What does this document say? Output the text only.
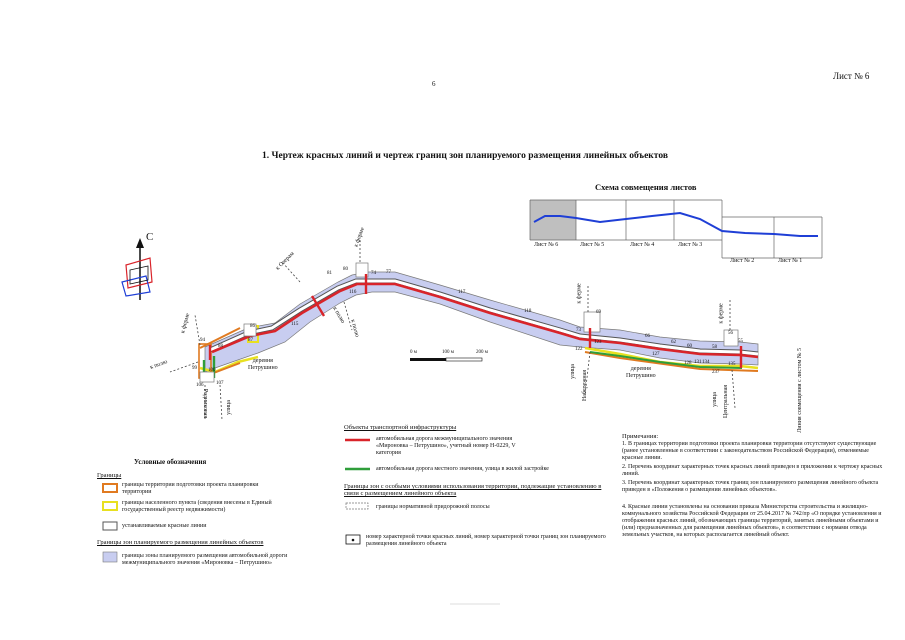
6
Лист № 6
1. Чертеж красных линий и чертеж границ зон планируемого размещения линейных объектов
Схема совмещения листов
Лист № 6	Лист № 5	Лист № 4	Лист № 3
Лист № 2	Лист № 1
С
0 м	100 м	200 м
к Озерам
к ферме
к ферме
к полю
к полю
к полю
к ферме
к ферме
деревня
Петрушино	деревня
Петрушино
Родниковая	улица
улица Набережная	улица Центральная	Линия совмещения с листом № 5
94
86
88
87
99 100
106	107
81
80
74 77
117
116
115
118	69
73
122
123
66
62
60
127
58
56
55
128 131 134	135
237
Объекты транспортной инфраструктуры
автомобильная дорога межмуниципального значения «Мироновка – Петрушино», учетный номер Н-0229, V категория
автомобильная дорога местного значения, улица в жилой застройке
Границы зон с особыми условиями использования территории, подлежащие установлению в связи с размещением линейного объекта
границы нормативной придорожной полосы
номер характерной точки красных линий, номер характерной точки границ зон планируемого размещения линейного объекта
Условные обозначения
Границы
границы территории подготовки проекта планировки территории
границы населенного пункта (сведения внесены в Единый государственный реестр недвижимости)
устанавливаемые красные линии
Границы зон планируемого размещения линейных объектов
границы зоны планируемого размещения автомобильной дороги межмуниципального значения «Мироновка – Петрушино»
Примечания:
1. В границах территории подготовки проекта планировки территории отсутствуют существующие (ранее установленные в соответствии с законодательством Российской Федерации), отменяемые красные линии.
2. Перечень координат характерных точек красных линий приведен в приложении к чертежу красных линий.
3. Перечень координат характерных точек границ зон планируемого размещения линейного объекта приведен в «Положения о размещении линейных объектов».
4. Красные линии установлены на основании приказа Министерства строительства и жилищно-коммунального хозяйства Российской Федерации от 25.04.2017 № 742/пр «О порядке установления и отображения красных линий, обозначающих границы территорий, занятых линейными объектами и (или) предназначенных для размещения линейных объектов», в соответствии с нормами отвода земельных участков, на которых располагается линейный объект.
